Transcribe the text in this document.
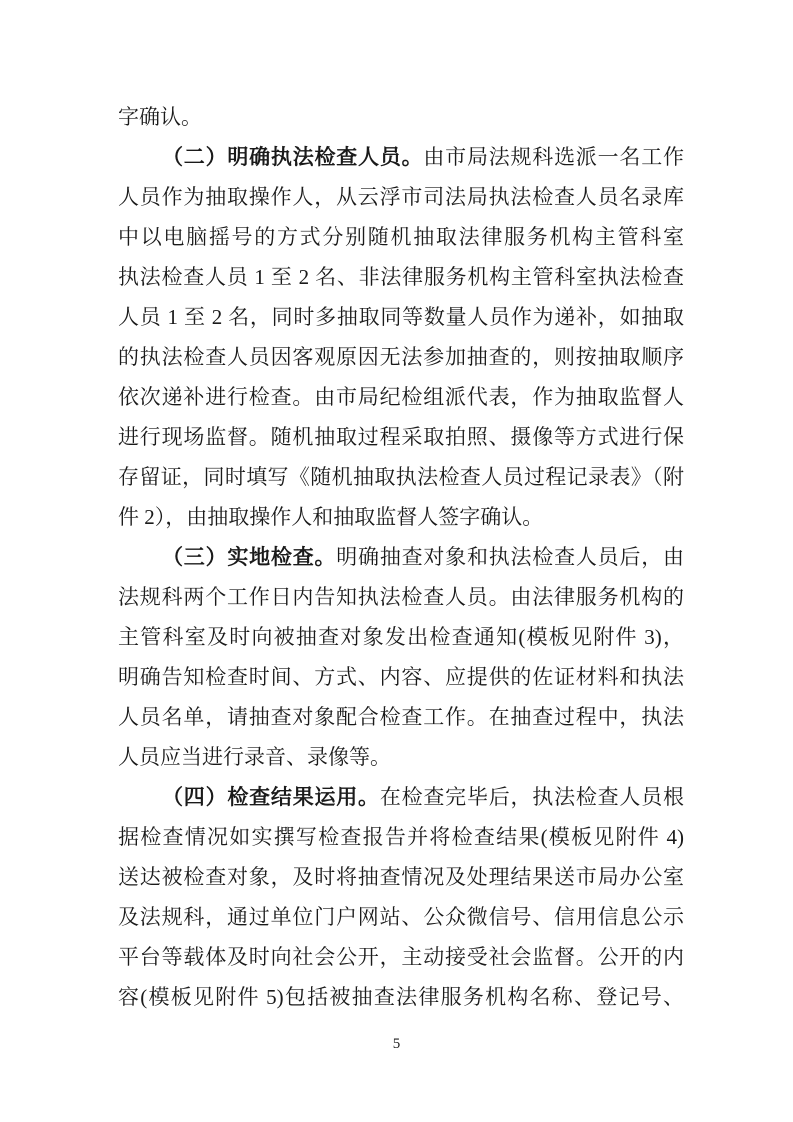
字确认。
（二）明确执法检查人员。由市局法规科选派一名工作
人员作为抽取操作人，从云浮市司法局执法检查人员名录库
中以电脑摇号的方式分别随机抽取法律服务机构主管科室
执法检查人员 1 至 2 名、非法律服务机构主管科室执法检查
人员 1 至 2 名，同时多抽取同等数量人员作为递补，如抽取
的执法检查人员因客观原因无法参加抽查的，则按抽取顺序
依次递补进行检查。由市局纪检组派代表，作为抽取监督人
进行现场监督。随机抽取过程采取拍照、摄像等方式进行保
存留证，同时填写《随机抽取执法检查人员过程记录表》（附
件 2），由抽取操作人和抽取监督人签字确认。
（三）实地检查。明确抽查对象和执法检查人员后，由
法规科两个工作日内告知执法检查人员。由法律服务机构的
主管科室及时向被抽查对象发出检查通知(模板见附件 3)，
明确告知检查时间、方式、内容、应提供的佐证材料和执法
人员名单，请抽查对象配合检查工作。在抽查过程中，执法
人员应当进行录音、录像等。
（四）检查结果运用。在检查完毕后，执法检查人员根
据检查情况如实撰写检查报告并将检查结果(模板见附件 4)
送达被检查对象，及时将抽查情况及处理结果送市局办公室
及法规科，通过单位门户网站、公众微信号、信用信息公示
平台等载体及时向社会公开，主动接受社会监督。公开的内
容(模板见附件 5)包括被抽查法律服务机构名称、登记号、
5
